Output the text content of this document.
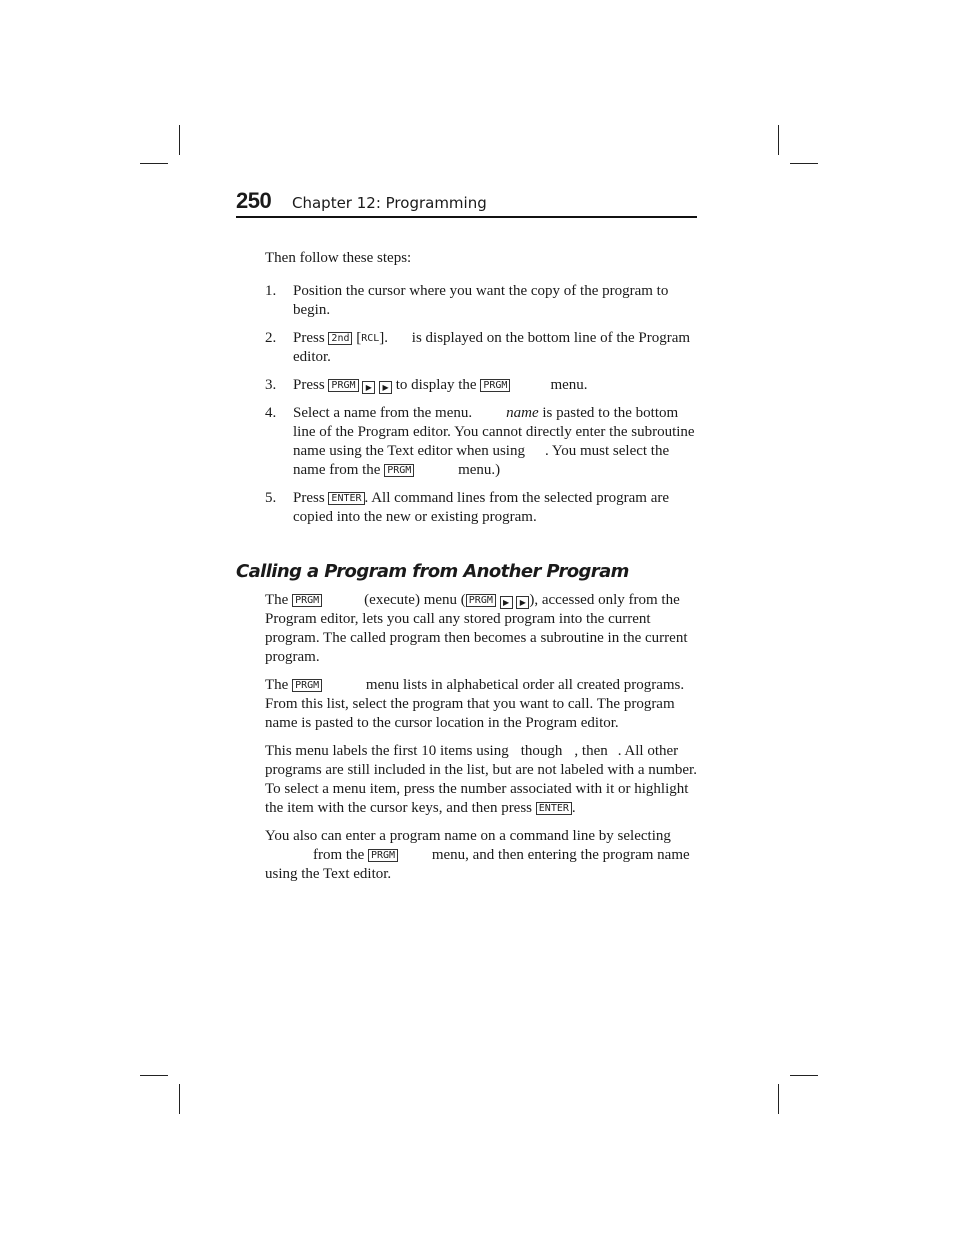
250 Chapter 12: Programming

Then follow these steps:

1. Position the cursor where you want the copy of the program to begin.
2. Press 2nd [RCL]. is displayed on the bottom line of the Program editor.
3. Press PRGM ▶ ▶ to display the PRGM	menu.
4. Select a name from the menu. name is pasted to the bottom line of the Program editor. You cannot directly enter the subroutine name using the Text editor when using . You must select the name from the PRGM	menu.)
5. Press ENTER . All command lines from the selected program are copied into the new or existing program.
Calling a Program from Another Program

The PRGM	(execute) menu ( PRGM ▶ ▶ ), accessed only from the Program editor, lets you call any stored program into the current program. The called program then becomes a subroutine in the current program.

The PRGM	menu lists in alphabetical order all created programs. From this list, select the program that you want to call. The program name is pasted to the cursor location in the Program editor.

This menu labels the first 10 items using though , then . All other programs are still included in the list, but are not labeled with a number. To select a menu item, press the number associated with it or highlight the item with the cursor keys, and then press ENTER .

You also can enter a program name on a command line by selectingfrom the PRGM menu, and then entering the program name using the Text editor.
